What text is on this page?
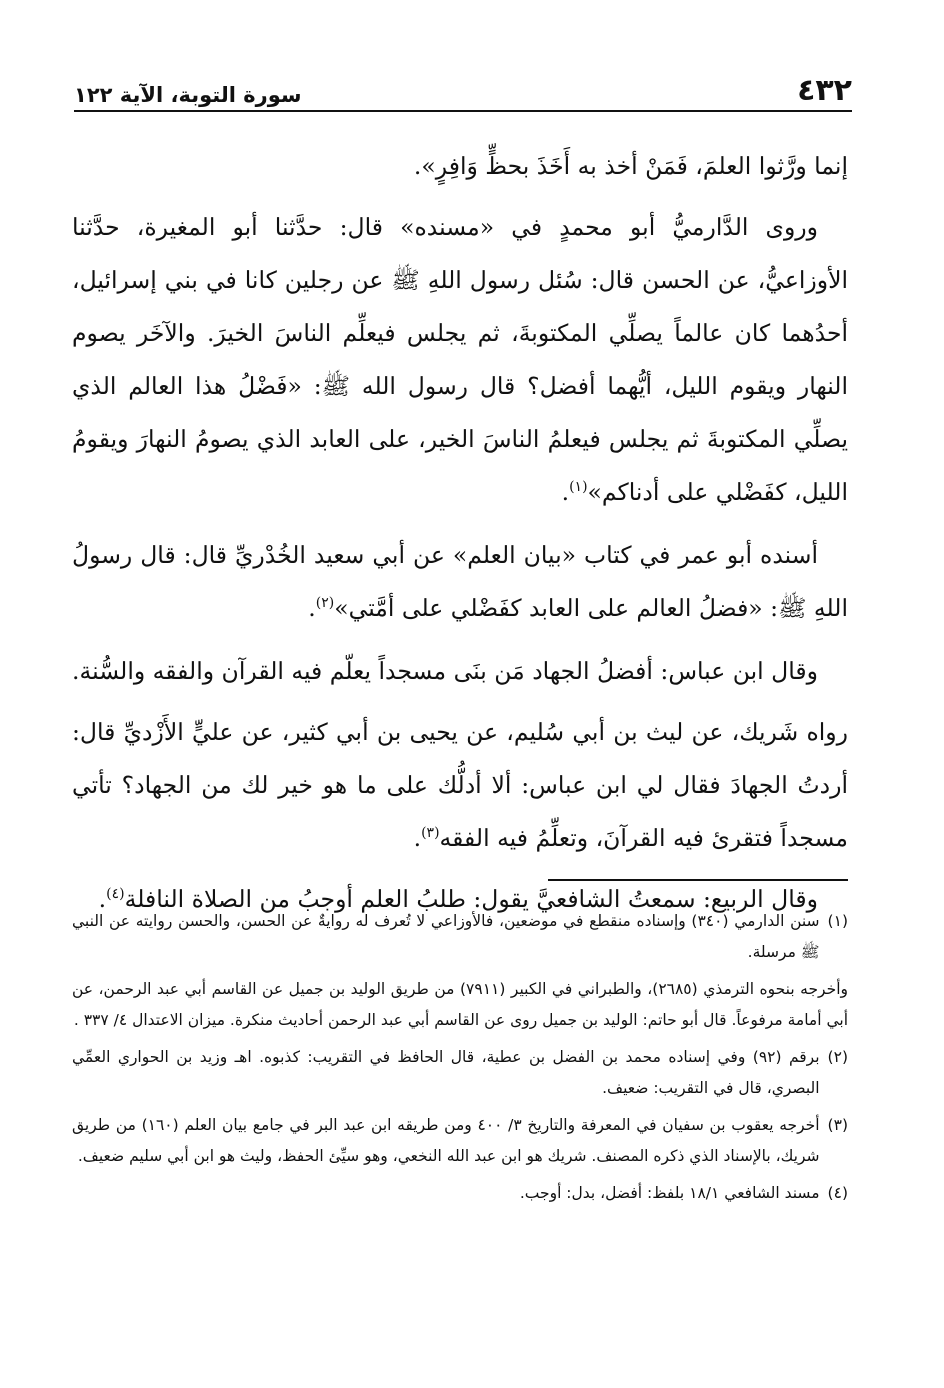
٤٣٢
سورة التوبة، الآية ١٢٢

إنما ورَّثوا العلمَ، فَمَنْ أخذ به أَخَذَ بحظٍّ وَافِرٍ».

وروى الدَّارميُّ أبو محمدٍ في «مسنده» قال: حدَّثنا أبو المغيرة، حدَّثنا الأوزاعيُّ، عن الحسن قال: سُئل رسول اللهِ ﷺ عن رجلين كانا في بني إسرائيل، أحدُهما كان عالماً يصلِّي المكتوبةَ، ثم يجلس فيعلِّم الناسَ الخيرَ. والآخَر يصوم النهار ويقوم الليل، أيُّهما أفضل؟ قال رسول الله ﷺ: «فَضْلُ هذا العالم الذي يصلِّي المكتوبةَ ثم يجلس فيعلمُ الناسَ الخير، على العابد الذي يصومُ النهارَ ويقومُ الليل، كفَضْلي على أدناكم»$^{(١)}$.

أسنده أبو عمر في كتاب «بيان العلم» عن أبي سعيد الخُدْريِّ قال: قال رسولُ اللهِ ﷺ: «فضلُ العالم على العابد كفَضْلي على أمَّتي»$^{(٢)}$.

وقال ابن عباس: أفضلُ الجهاد مَن بنَى مسجداً يعلّم فيه القرآن والفقه والسُّنة.

رواه شَريك، عن ليث بن أبي سُليم، عن يحيى بن أبي كثير، عن عليٍّ الأَزْديِّ قال: أردتُ الجهادَ فقال لي ابن عباس: ألا أدلُّك على ما هو خير لك من الجهاد؟ تأتي مسجداً فتقرئ فيه القرآنَ، وتعلِّمُ فيه الفقه$^{(٣)}$.

وقال الربيع: سمعتُ الشافعيَّ يقول: طلبُ العلم أوجبُ من الصلاة النافلة$^{(٤)}$.

(١)
سنن الدارمي (٣٤٠) وإسناده منقطع في موضعين، فالأوزاعي لا تُعرف له روايةٌ عن الحسن، والحسن روايته عن النبي ﷺ مرسلة.
وأخرجه بنحوه الترمذي (٢٦٨٥)، والطبراني في الكبير (٧٩١١) من طريق الوليد بن جميل عن القاسم أبي عبد الرحمن، عن أبي أمامة مرفوعاً. قال أبو حاتم: الوليد بن جميل روى عن القاسم أبي عبد الرحمن أحاديث منكرة. ميزان الاعتدال ٤/ ٣٣٧ .
(٢)
برقم (٩٢) وفي إسناده محمد بن الفضل بن عطية، قال الحافظ في التقريب: كذبوه. اهـ وزيد بن الحواري العمِّي البصري، قال في التقريب: ضعيف.
(٣)
أخرجه يعقوب بن سفيان في المعرفة والتاريخ ٣/ ٤٠٠ ومن طريقه ابن عبد البر في جامع بيان العلم (١٦٠) من طريق شريك، بالإسناد الذي ذكره المصنف. شريك هو ابن عبد الله النخعي، وهو سيِّئ الحفظ، وليث هو ابن أبي سليم ضعيف.
(٤)
مسند الشافعي ١٨/١ بلفظ: أفضل، بدل: أوجب.
